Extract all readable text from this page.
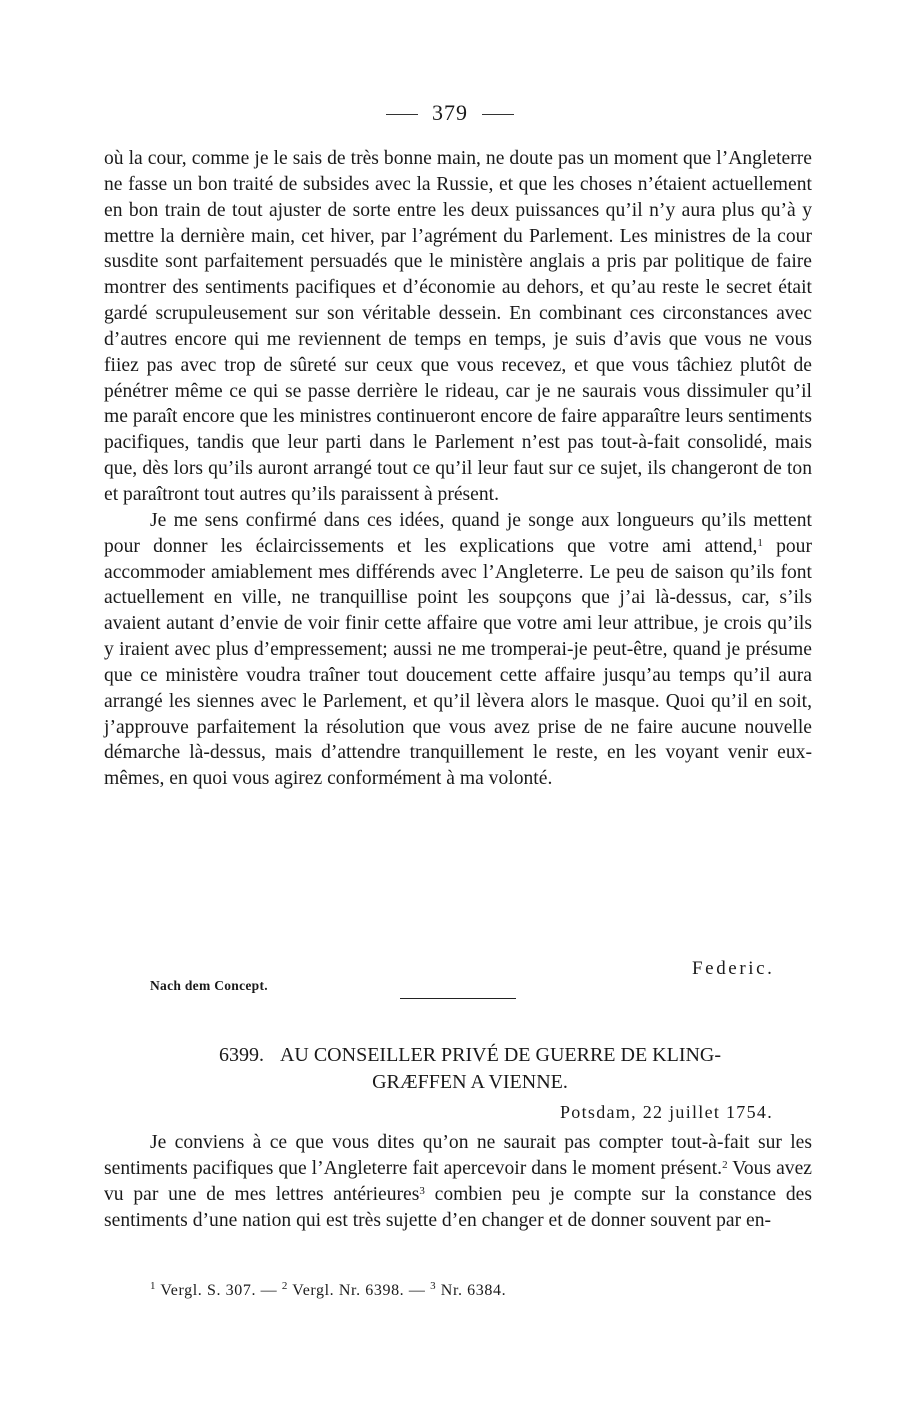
379

où la cour, comme je le sais de très bonne main, ne doute pas un moment que l’Angleterre ne fasse un bon traité de subsides avec la Russie, et que les choses n’étaient actuellement en bon train de tout ajuster de sorte entre les deux puissances qu’il n’y aura plus qu’à y mettre la dernière main, cet hiver, par l’agrément du Parlement. Les ministres de la cour susdite sont parfaitement persuadés que le ministère anglais a pris par politique de faire montrer des sentiments pacifiques et d’économie au dehors, et qu’au reste le secret était gardé scrupuleusement sur son véritable dessein. En combinant ces circonstances avec d’autres encore qui me reviennent de temps en temps, je suis d’avis que vous ne vous fiiez pas avec trop de sûreté sur ceux que vous recevez, et que vous tâchiez plutôt de pénétrer même ce qui se passe derrière le rideau, car je ne saurais vous dissimuler qu’il me paraît encore que les ministres continueront encore de faire apparaître leurs sentiments pacifiques, tandis que leur parti dans le Parlement n’est pas tout-à-fait consolidé, mais que, dès lors qu’ils auront arrangé tout ce qu’il leur faut sur ce sujet, ils changeront de ton et paraîtront tout autres qu’ils paraissent à présent.

Je me sens confirmé dans ces idées, quand je songe aux longueurs qu’ils mettent pour donner les éclaircissements et les explications que votre ami attend,$^1$ pour accommoder amiablement mes différends avec l’Angleterre. Le peu de saison qu’ils font actuellement en ville, ne tranquillise point les soupçons que j’ai là-dessus, car, s’ils avaient autant d’envie de voir finir cette affaire que votre ami leur attribue, je crois qu’ils y iraient avec plus d’empressement; aussi ne me tromperai-je peut-être, quand je présume que ce ministère voudra traîner tout doucement cette affaire jusqu’au temps qu’il aura arrangé les siennes avec le Parlement, et qu’il lèvera alors le masque. Quoi qu’il en soit, j’approuve parfaitement la résolution que vous avez prise de ne faire aucune nouvelle démarche là-dessus, mais d’attendre tranquillement le reste, en les voyant venir eux-mêmes, en quoi vous agirez conformément à ma volonté.

Federic.
Nach dem Concept.
6399. AU CONSEILLER PRIVÉ DE GUERRE DE KLING-
GRÆFFEN A VIENNE.
Potsdam, 22 juillet 1754.

Je conviens à ce que vous dites qu’on ne saurait pas compter tout-à-fait sur les sentiments pacifiques que l’Angleterre fait apercevoir dans le moment présent.$^2$ Vous avez vu par une de mes lettres antérieures$^3$ combien peu je compte sur la constance des sentiments d’une nation qui est très sujette d’en changer et de donner souvent par en-

$^1$ Vergl. S. 307. — $^2$ Vergl. Nr. 6398. — $^3$ Nr. 6384.
